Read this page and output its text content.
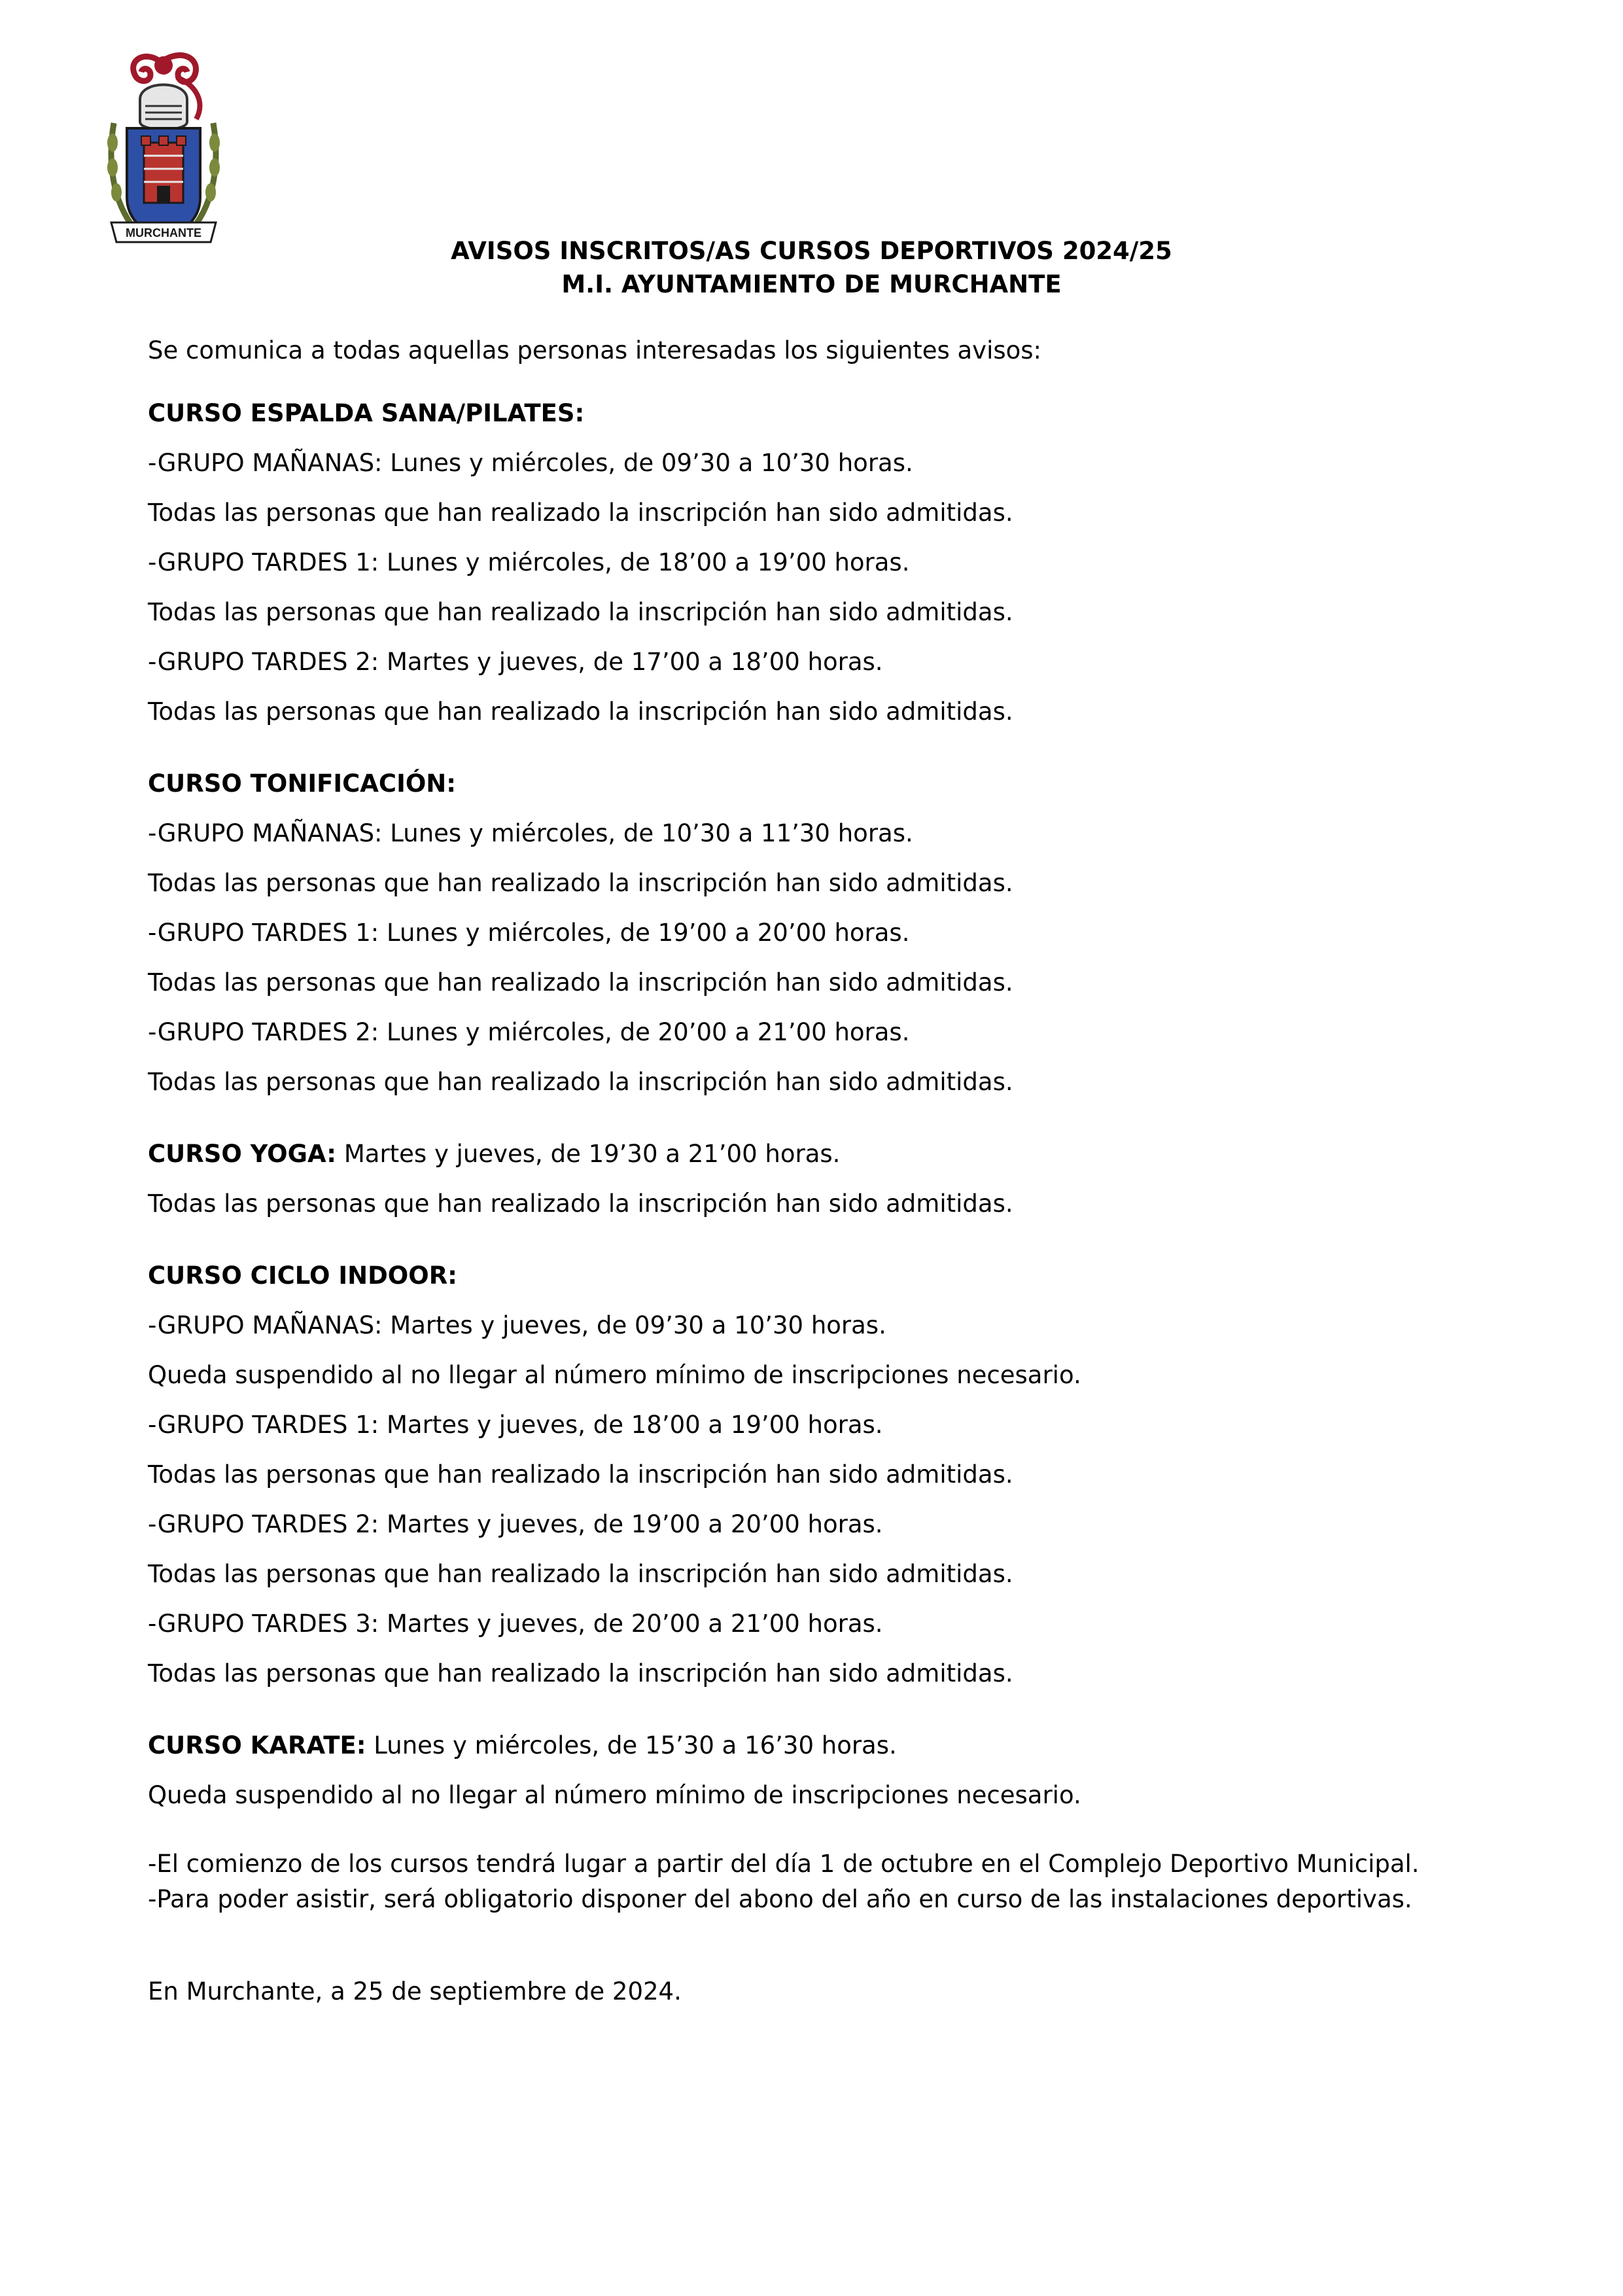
MURCHANTE
AVISOS INSCRITOS/AS CURSOS DEPORTIVOS 2024/25
M.I. AYUNTAMIENTO DE MURCHANTE

Se comunica a todas aquellas personas interesadas los siguientes avisos:

CURSO ESPALDA SANA/PILATES:

-GRUPO MAÑANAS: Lunes y miércoles, de 09’30 a 10’30 horas.

Todas las personas que han realizado la inscripción han sido admitidas.

-GRUPO TARDES 1: Lunes y miércoles, de 18’00 a 19’00 horas.

Todas las personas que han realizado la inscripción han sido admitidas.

-GRUPO TARDES 2: Martes y jueves, de 17’00 a 18’00 horas.

Todas las personas que han realizado la inscripción han sido admitidas.

CURSO TONIFICACIÓN:

-GRUPO MAÑANAS: Lunes y miércoles, de 10’30 a 11’30 horas.

Todas las personas que han realizado la inscripción han sido admitidas.

-GRUPO TARDES 1: Lunes y miércoles, de 19’00 a 20’00 horas.

Todas las personas que han realizado la inscripción han sido admitidas.

-GRUPO TARDES 2: Lunes y miércoles, de 20’00 a 21’00 horas.

Todas las personas que han realizado la inscripción han sido admitidas.

CURSO YOGA: Martes y jueves, de 19’30 a 21’00 horas.

Todas las personas que han realizado la inscripción han sido admitidas.

CURSO CICLO INDOOR:

-GRUPO MAÑANAS: Martes y jueves, de 09’30 a 10’30 horas.

Queda suspendido al no llegar al número mínimo de inscripciones necesario.

-GRUPO TARDES 1: Martes y jueves, de 18’00 a 19’00 horas.

Todas las personas que han realizado la inscripción han sido admitidas.

-GRUPO TARDES 2: Martes y jueves, de 19’00 a 20’00 horas.

Todas las personas que han realizado la inscripción han sido admitidas.

-GRUPO TARDES 3: Martes y jueves, de 20’00 a 21’00 horas.

Todas las personas que han realizado la inscripción han sido admitidas.

CURSO KARATE: Lunes y miércoles, de 15’30 a 16’30 horas.

Queda suspendido al no llegar al número mínimo de inscripciones necesario.

-El comienzo de los cursos tendrá lugar a partir del día 1 de octubre en el Complejo Deportivo Municipal.

-Para poder asistir, será obligatorio disponer del abono del año en curso de las instalaciones deportivas.

En Murchante, a 25 de septiembre de 2024.
